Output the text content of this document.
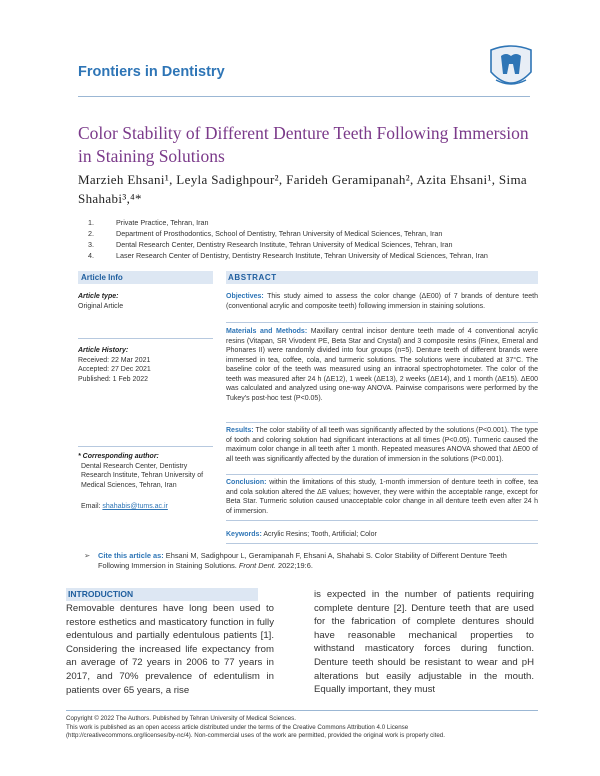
Frontiers in Dentistry
Color Stability of Different Denture Teeth Following Immersion in Staining Solutions
Marzieh Ehsani¹, Leyla Sadighpour², Farideh Geramipanah², Azita Ehsani¹, Sima Shahabi³,⁴*
1.	Private Practice, Tehran, Iran
2.	Department of Prosthodontics, School of Dentistry, Tehran University of Medical Sciences, Tehran, Iran
3.	Dental Research Center, Dentistry Research Institute, Tehran University of Medical Sciences, Tehran, Iran
4.	Laser Research Center of Dentistry, Dentistry Research Institute, Tehran University of Medical Sciences, Tehran, Iran
Article Info	ABSTRACT
Article type:
Original Article
Article History:
Received: 22 Mar 2021
Accepted: 27 Dec 2021
Published: 1 Feb 2022
* Corresponding author:
Dental Research Center, Dentistry Research Institute, Tehran University of Medical Sciences, Tehran, Iran
Email: shahabis@tums.ac.ir
Objectives: This study aimed to assess the color change (ΔE00) of 7 brands of denture teeth (conventional acrylic and composite teeth) following immersion in staining solutions.
Materials and Methods: Maxillary central incisor denture teeth made of 4 conventional acrylic resins (Vitapan, SR Vivodent PE, Beta Star and Crystal) and 3 composite resins (Finex, Emeral and Phonares II) were randomly divided into four groups (n=5). Denture teeth of different brands were immersed in tea, coffee, cola, and turmeric solutions. The solutions were incubated at 37°C. The baseline color of the teeth was measured using an intraoral spectrophotometer. The color of the teeth was measured after 24 h (ΔE12), 1 week (ΔE13), 2 weeks (ΔE14), and 1 month (ΔE15). ΔE00 was calculated and analyzed using one-way ANOVA. Pairwise comparisons were performed by the Tukey's post-hoc test (P<0.05).
Results: The color stability of all teeth was significantly affected by the solutions (P<0.001). The type of tooth and coloring solution had significant interactions at all times (P<0.05). Turmeric caused the maximum color change in all teeth after 1 month. Repeated measures ANOVA showed that ΔE00 of all teeth was significantly affected by the duration of immersion in the solutions (P<0.001).
Conclusion: within the limitations of this study, 1-month immersion of denture teeth in coffee, tea and cola solution altered the ΔE values; however, they were within the acceptable range, except for Beta Star. Turmeric solution caused unacceptable color change in all denture teeth even after 24 h of immersion.
Keywords: Acrylic Resins; Tooth, Artificial; Color
➢ Cite this article as: Ehsani M, Sadighpour L, Geramipanah F, Ehsani A, Shahabi S. Color Stability of Different Denture Teeth Following Immersion in Staining Solutions. Front Dent. 2022;19:6.
INTRODUCTION
Removable dentures have long been used to restore esthetics and masticatory function in fully edentulous and partially edentulous patients [1]. Considering the increased life expectancy from an average of 72 years in 2006 to 77 years in 2017, and 70% prevalence of edentulism in patients over 65 years, a rise
is expected in the number of patients requiring complete denture [2]. Denture teeth that are used for the fabrication of complete dentures should have reasonable mechanical properties to withstand masticatory forces during function. Denture teeth should be resistant to wear and pH alterations but easily adjustable in the mouth. Equally important, they must
Copyright © 2022 The Authors. Published by Tehran University of Medical Sciences.
This work is published as an open access article distributed under the terms of the Creative Commons Attribution 4.0 License
(http://creativecommons.org/licenses/by-nc/4). Non-commercial uses of the work are permitted, provided the original work is properly cited.
